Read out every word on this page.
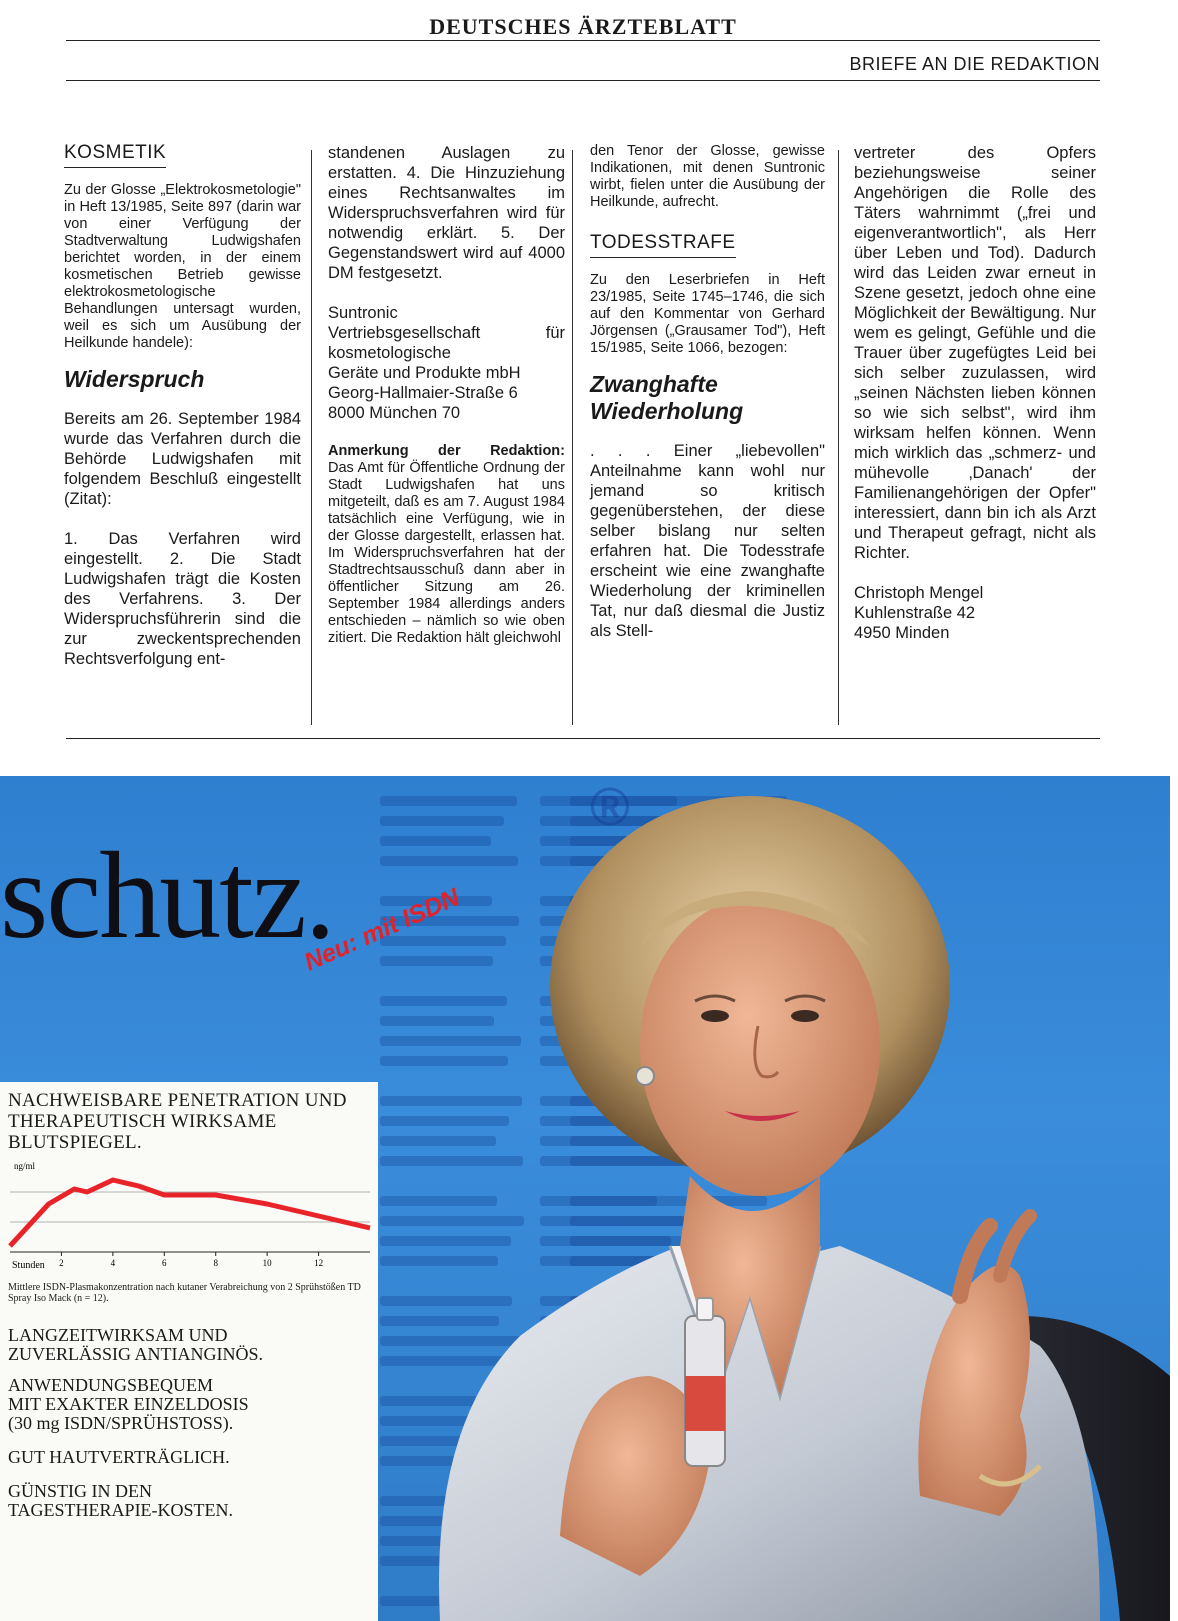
DEUTSCHES ÄRZTEBLATT
BRIEFE AN DIE REDAKTION
KOSMETIK

Zu der Glosse „Elektrokosmetologie" in Heft 13/1985, Seite 897 (darin war von einer Verfügung der Stadtverwaltung Ludwigshafen berichtet worden, in der einem kosmetischen Betrieb gewisse elektrokosmetologische Behandlungen untersagt wurden, weil es sich um Ausübung der Heilkunde handele):

Widerspruch

Bereits am 26. September 1984 wurde das Verfahren durch die Behörde Ludwigshafen mit folgendem Beschluß eingestellt (Zitat):

1. Das Verfahren wird eingestellt. 2. Die Stadt Ludwigshafen trägt die Kosten des Verfahrens. 3. Der Widerspruchsführerin sind die zur zweckentsprechenden Rechtsverfolgung ent-

standenen Auslagen zu erstatten. 4. Die Hinzuziehung eines Rechtsanwaltes im Widerspruchsverfahren wird für notwendig erklärt. 5. Der Gegenstandswert wird auf 4000 DM festgesetzt.

Suntronic

Vertriebsgesellschaft für

kosmetologische

Geräte und Produkte mbH

Georg-Hallmaier-Straße 6

8000 München 70

Anmerkung der Redaktion:
Das Amt für Öffentliche Ordnung der Stadt Ludwigshafen hat uns mitgeteilt, daß es am 7. August 1984 tatsächlich eine Verfügung, wie in der Glosse dargestellt, erlassen hat. Im Widerspruchsverfahren hat der Stadtrechtsausschuß dann aber in öffentlicher Sitzung am 26. September 1984 allerdings anders entschieden – nämlich so wie oben zitiert. Die Redaktion hält gleichwohl

den Tenor der Glosse, gewisse Indikationen, mit denen Suntronic wirbt, fielen unter die Ausübung der Heilkunde, aufrecht.

TODESSTRAFE

Zu den Leserbriefen in Heft 23/1985, Seite 1745–1746, die sich auf den Kommentar von Gerhard Jörgensen („Grausamer Tod"), Heft 15/1985, Seite 1066, bezogen:

Zwanghafte Wiederholung

. . . Einer „liebevollen" Anteilnahme kann wohl nur jemand so kritisch gegenüberstehen, der diese selber bislang nur selten erfahren hat. Die Todesstrafe erscheint wie eine zwanghafte Wiederholung der kriminellen Tat, nur daß diesmal die Justiz als Stell-

vertreter des Opfers beziehungsweise seiner Angehörigen die Rolle des Täters wahrnimmt („frei und eigenverantwortlich", als Herr über Leben und Tod). Dadurch wird das Leiden zwar erneut in Szene gesetzt, jedoch ohne eine Möglichkeit der Bewältigung. Nur wem es gelingt, Gefühle und die Trauer über zugefügtes Leid bei sich selber zuzulassen, wird „seinen Nächsten lieben können so wie sich selbst", wird ihm wirksam helfen können. Wenn mich wirklich das „schmerz- und mühevolle ‚Danach' der Familienangehörigen der Opfer" interessiert, dann bin ich als Arzt und Therapeut gefragt, nicht als Richter.

Christoph Mengel

Kuhlenstraße 42

4950 Minden

®
schutz.
Neu: mit ISDN
NACHWEISBARE PENETRATION UND THERAPEUTISCH WIRKSAME BLUTSPIEGEL.
ng/ml
Stunden 2	4	6	8	10	12
Mittlere ISDN-Plasmakonzentration nach kutaner Verabreichung von 2 Sprühstößen TD Spray Iso Mack (n = 12).

LANGZEITWIRKSAM UND
ZUVERLÄSSIG ANTIANGINÖS.

ANWENDUNGSBEQUEM
MIT EXAKTER EINZELDOSIS
(30 mg ISDN/SPRÜHSTOSS).

GUT HAUTVERTRÄGLICH.

GÜNSTIG IN DEN
TAGESTHERAPIE-KOSTEN.
